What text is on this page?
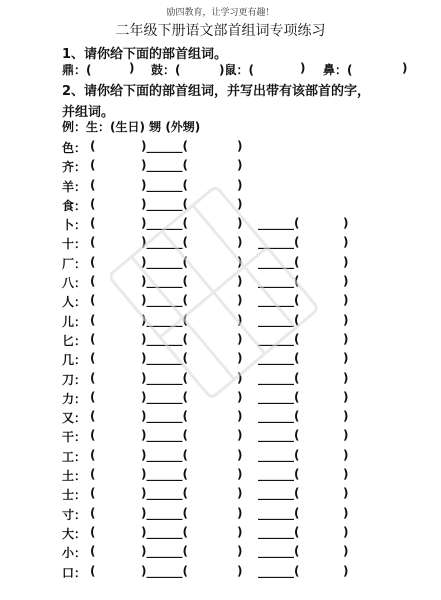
励四教育，让学习更有趣！
二年级下册语文部首组词专项练习
1、请你给下面的部首组词。
鼎：(	) 鼓：(	)鼠：(	) 鼻：(	)
2、请你给下面的部首组词，并写出带有该部首的字，
并组词。
例：生：(生日) 甥 (外甥)
色： (	)______(	)
齐： (	)______(	)
羊： (	)______(	)
食： (	)______(	)
卜： (	)______(	) ______(	)
十： (	)______(	) ______(	)
厂： (	)______(	) ______(	)
八： (	)______(	) ______(	)
人： (	)______(	) ______(	)
儿： (	)______(	) ______(	)
匕： (	)______(	) ______(	)
几： (	)______(	) ______(	)
刀： (	)______(	) ______(	)
力： (	)______(	) ______(	)
又： (	)______(	) ______(	)
干： (	)______(	) ______(	)
工： (	)______(	) ______(	)
土： (	)______(	) ______(	)
士： (	)______(	) ______(	)
寸： (	)______(	) ______(	)
大： (	)______(	) ______(	)
小： (	)______(	) ______(	)
口： (	)______(	) ______(	)
